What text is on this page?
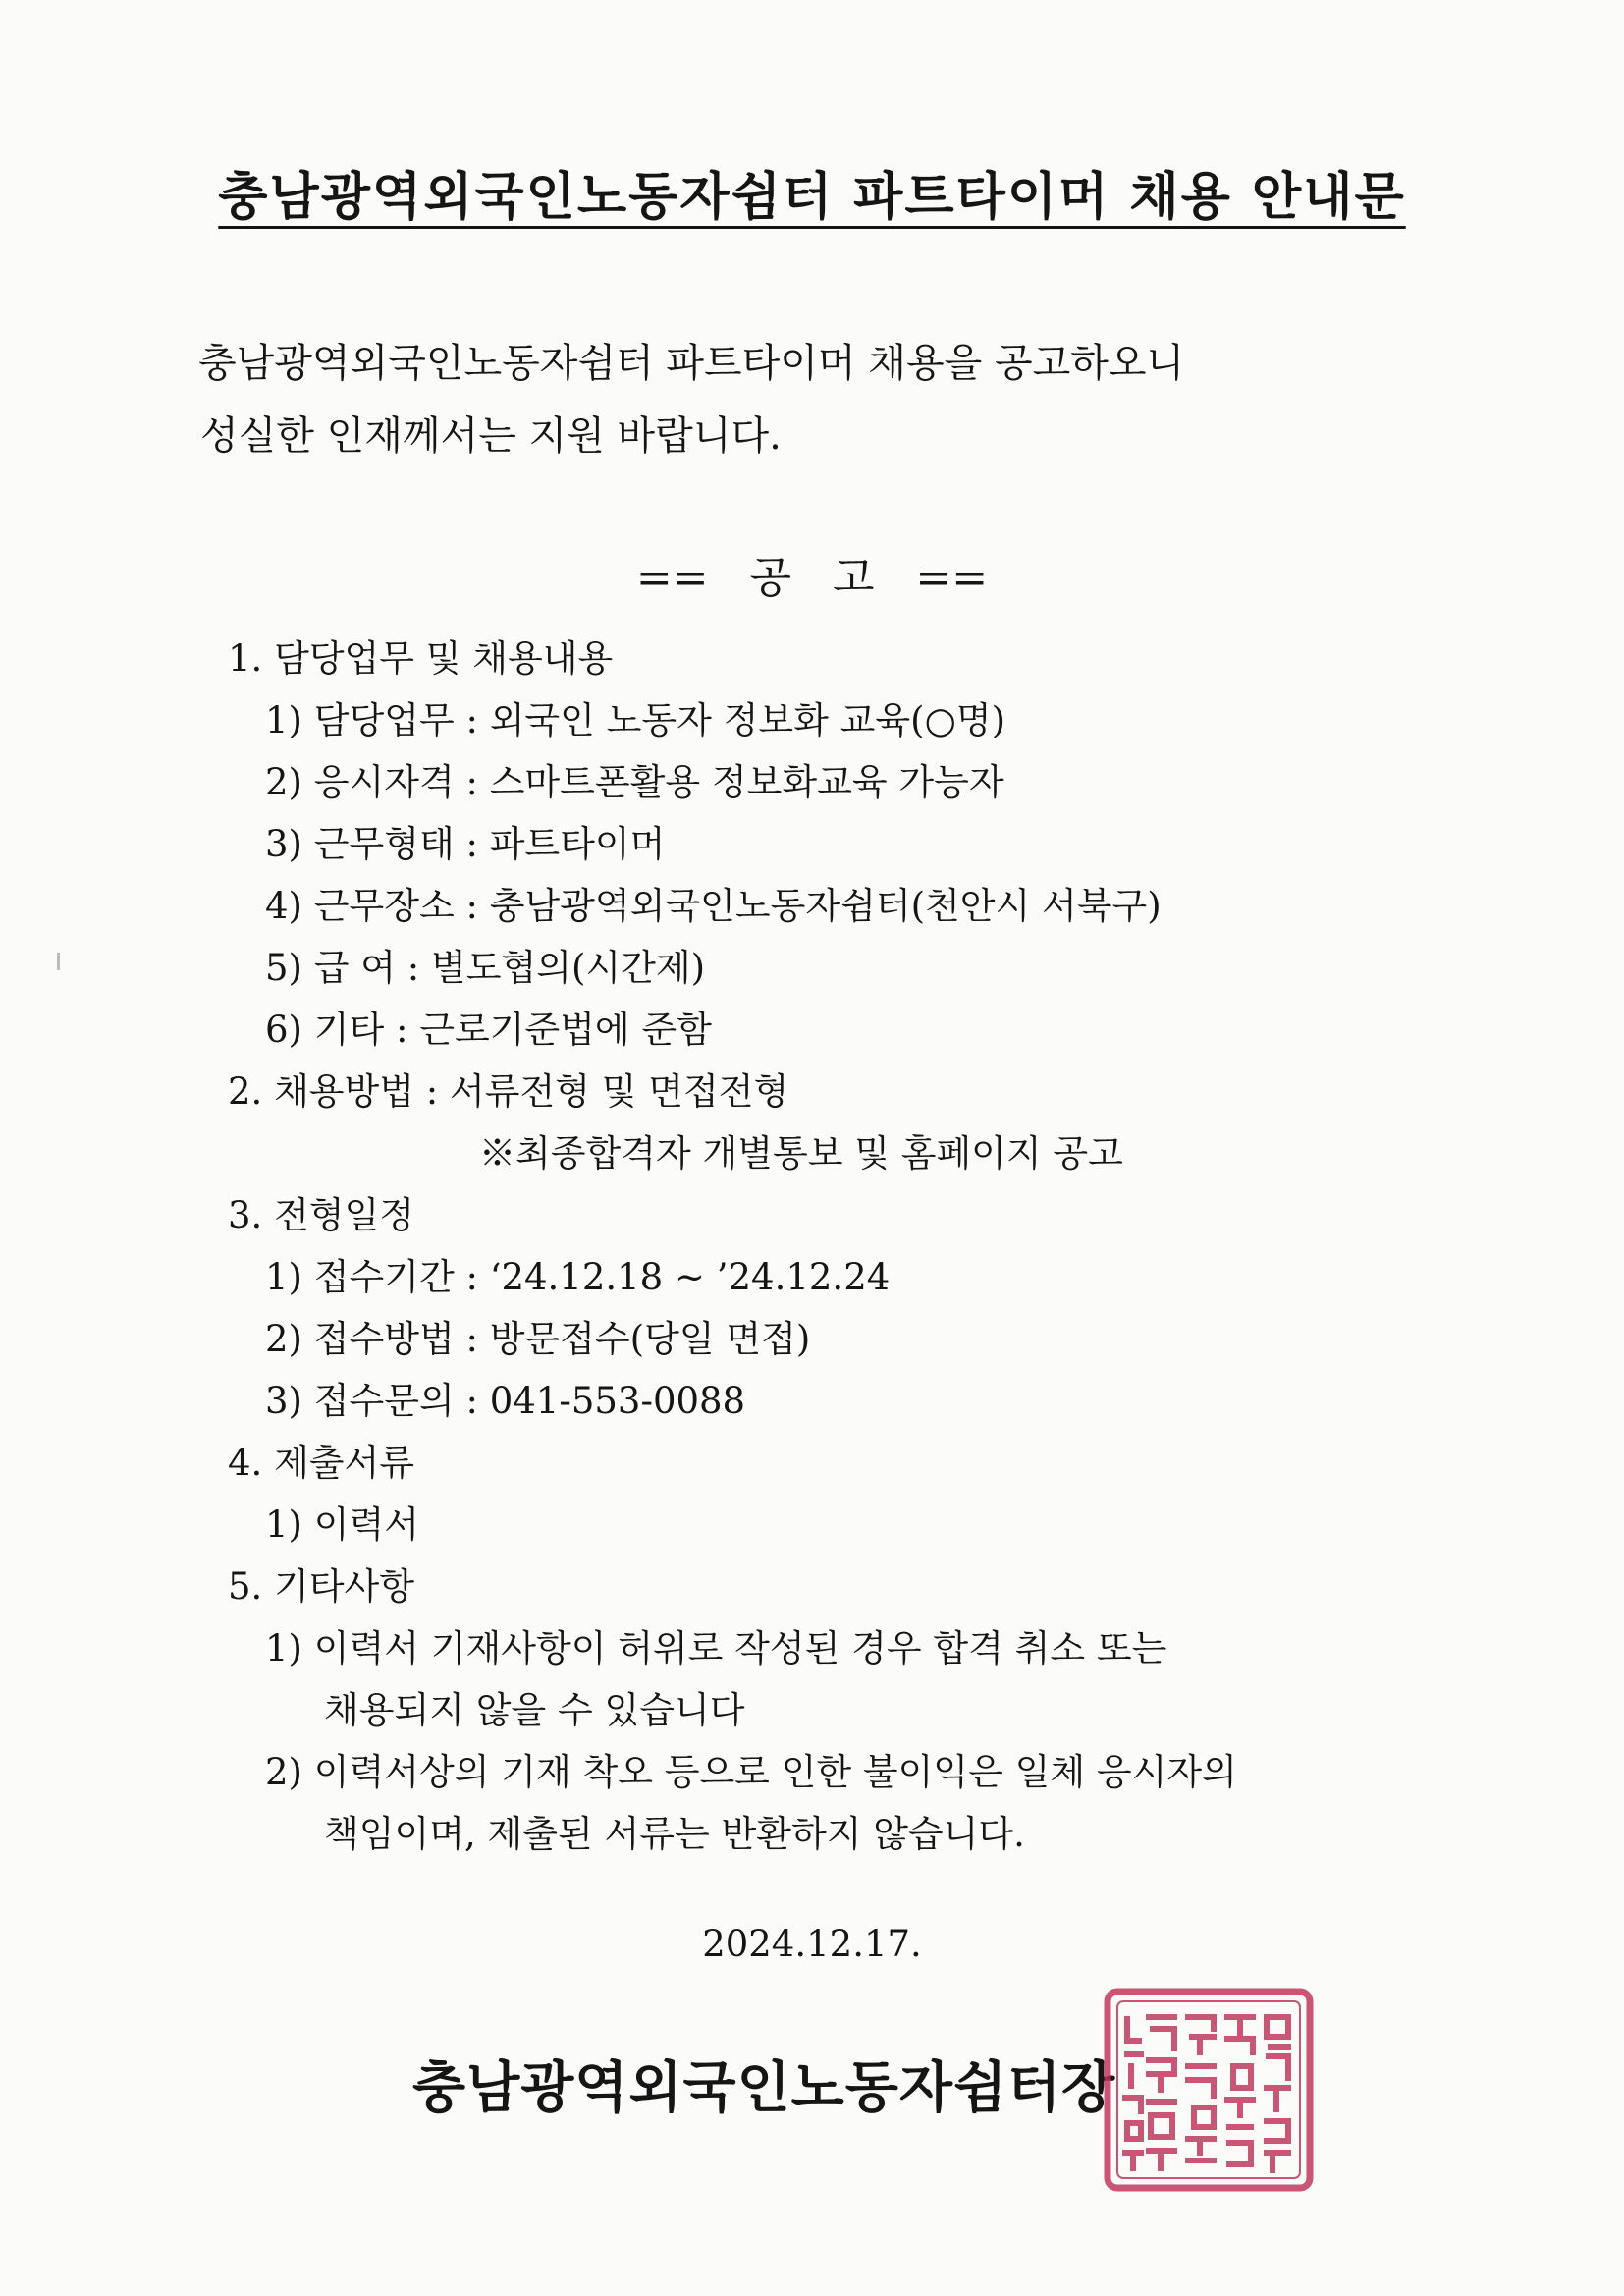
충남광역외국인노동자쉼터 파트타이머 채용 안내문
충남광역외국인노동자쉼터 파트타이머 채용을 공고하오니
성실한 인재께서는 지원 바랍니다.
==   공   고   ==
1. 담당업무 및 채용내용
1) 담당업무 : 외국인 노동자 정보화 교육(○명)
2) 응시자격 : 스마트폰활용 정보화교육 가능자
3) 근무형태 : 파트타이머
4) 근무장소 : 충남광역외국인노동자쉼터(천안시 서북구)
5) 급 여 : 별도협의(시간제)
6) 기타 : 근로기준법에 준함
2. 채용방법 : 서류전형 및 면접전형
※최종합격자 개별통보 및 홈페이지 공고
3. 전형일정
1) 접수기간 : ‘24.12.18 ~ ’24.12.24
2) 접수방법 : 방문접수(당일 면접)
3) 접수문의 : 041-553-0088
4. 제출서류
1) 이력서
5. 기타사항
1) 이력서 기재사항이 허위로 작성된 경우 합격 취소 또는
채용되지 않을 수 있습니다
2) 이력서상의 기재 착오 등으로 인한 불이익은 일체 응시자의
책임이며, 제출된 서류는 반환하지 않습니다.
2024.12.17.
충남광역외국인노동자쉼터장
